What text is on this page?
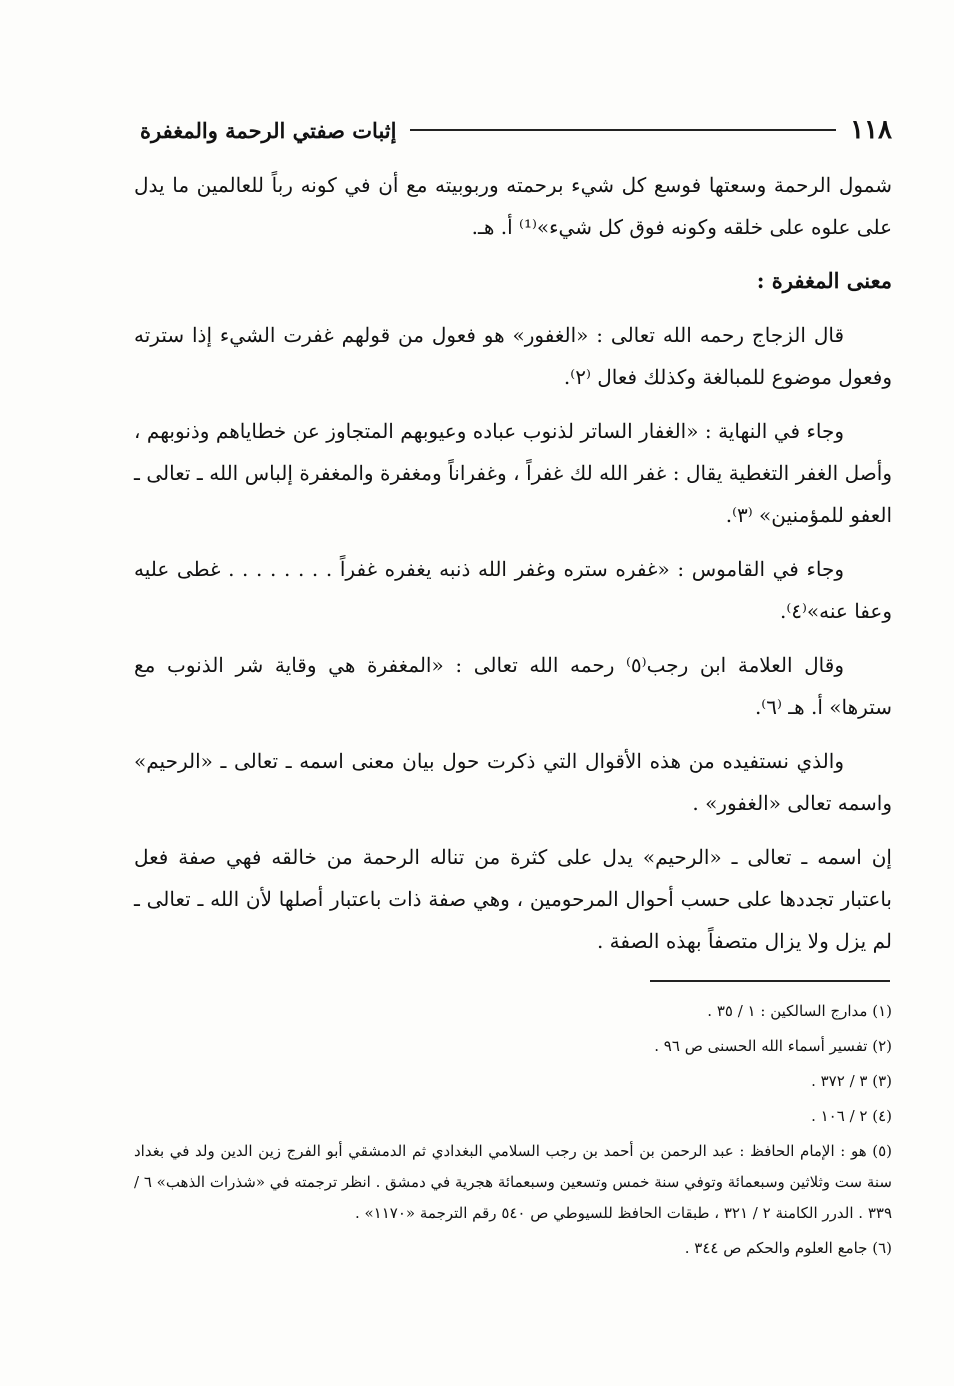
١١٨
إثبات صفتي الرحمة والمغفرة

شمول الرحمة وسعتها فوسع كل شيء برحمته وربوبيته مع أن في كونه رباً للعالمين ما يدل على علوه على خلقه وكونه فوق كل شيء»⁽¹⁾ أ. هـ.

معنى المغفرة :

قال الزجاج رحمه الله تعالى : «الغفور» هو فعول من قولهم غفرت الشيء إذا سترته وفعول موضوع للمبالغة وكذلك فعال ⁽٢⁾.

وجاء في النهاية : «الغفار الساتر لذنوب عباده وعيوبهم المتجاوز عن خطاياهم وذنوبهم ، وأصل الغفر التغطية يقال : غفر الله لك غفراً ، وغفراناً ومغفرة والمغفرة إلباس الله ـ تعالى ـ العفو للمؤمنين» ⁽٣⁾.

وجاء في القاموس : «غفره ستره وغفر الله ذنبه يغفره غفراً . . . . . . . . غطى عليه وعفا عنه»⁽٤⁾.

وقال العلامة ابن رجب⁽٥⁾ رحمه الله تعالى : «المغفرة هي وقاية شر الذنوب مع سترها» أ. هـ ⁽٦⁾.

والذي نستفيده من هذه الأقوال التي ذكرت حول بيان معنى اسمه ـ تعالى ـ «الرحيم» واسمه تعالى «الغفور» .

إن اسمه ـ تعالى ـ «الرحيم» يدل على كثرة من تناله الرحمة من خالقه فهي صفة فعل باعتبار تجددها على حسب أحوال المرحومين ، وهي صفة ذات باعتبار أصلها لأن الله ـ تعالى ـ لم يزل ولا يزال متصفاً بهذه الصفة .

(١) مدارج السالكين : ١ / ٣٥ .

(٢) تفسير أسماء الله الحسنى ص ٩٦ .

(٣) ٣ / ٣٧٢ .

(٤) ٢ / ١٠٦ .

(٥) هو : الإمام الحافظ : عبد الرحمن بن أحمد بن رجب السلامي البغدادي ثم الدمشقي أبو الفرج زين الدين ولد في بغداد سنة ست وثلاثين وسبعمائة وتوفي سنة خمس وتسعين وسبعمائة هجرية في دمشق . انظر ترجمته في «شذرات الذهب» ٦ / ٣٣٩ . الدرر الكامنة ٢ / ٣٢١ ، طبقات الحافظ للسيوطي ص ٥٤٠ رقم الترجمة «١١٧٠» .

(٦) جامع العلوم والحكم ص ٣٤٤ .
